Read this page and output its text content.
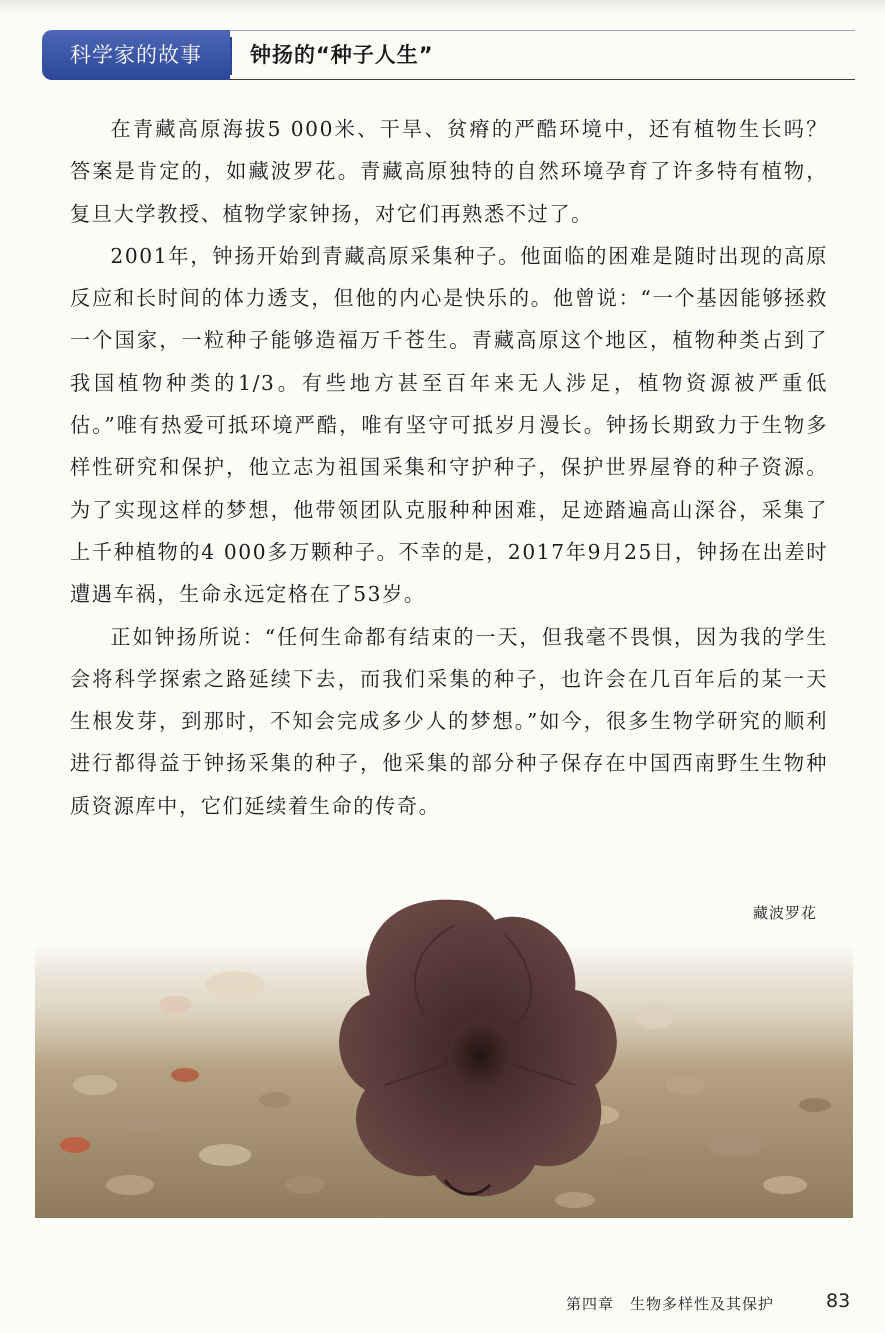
科学家的故事	钟扬的“种子人生”

在青藏高原海拔5 000米、干旱、贫瘠的严酷环境中，还有植物生长吗？答案是肯定的，如藏波罗花。青藏高原独特的自然环境孕育了许多特有植物，复旦大学教授、植物学家钟扬，对它们再熟悉不过了。

2001年，钟扬开始到青藏高原采集种子。他面临的困难是随时出现的高原反应和长时间的体力透支，但他的内心是快乐的。他曾说：“一个基因能够拯救一个国家，一粒种子能够造福万千苍生。青藏高原这个地区，植物种类占到了我国植物种类的1/3。有些地方甚至百年来无人涉足，植物资源被严重低估。”唯有热爱可抵环境严酷，唯有坚守可抵岁月漫长。钟扬长期致力于生物多样性研究和保护，他立志为祖国采集和守护种子，保护世界屋脊的种子资源。为了实现这样的梦想，他带领团队克服种种困难，足迹踏遍高山深谷，采集了上千种植物的4 000多万颗种子。不幸的是，2017年9月25日，钟扬在出差时遭遇车祸，生命永远定格在了53岁。

正如钟扬所说：“任何生命都有结束的一天，但我毫不畏惧，因为我的学生会将科学探索之路延续下去，而我们采集的种子，也许会在几百年后的某一天生根发芽，到那时，不知会完成多少人的梦想。”如今，很多生物学研究的顺利进行都得益于钟扬采集的种子，他采集的部分种子保存在中国西南野生生物种质资源库中，它们延续着生命的传奇。

藏波罗花
第四章　生物多样性及其保护	83
